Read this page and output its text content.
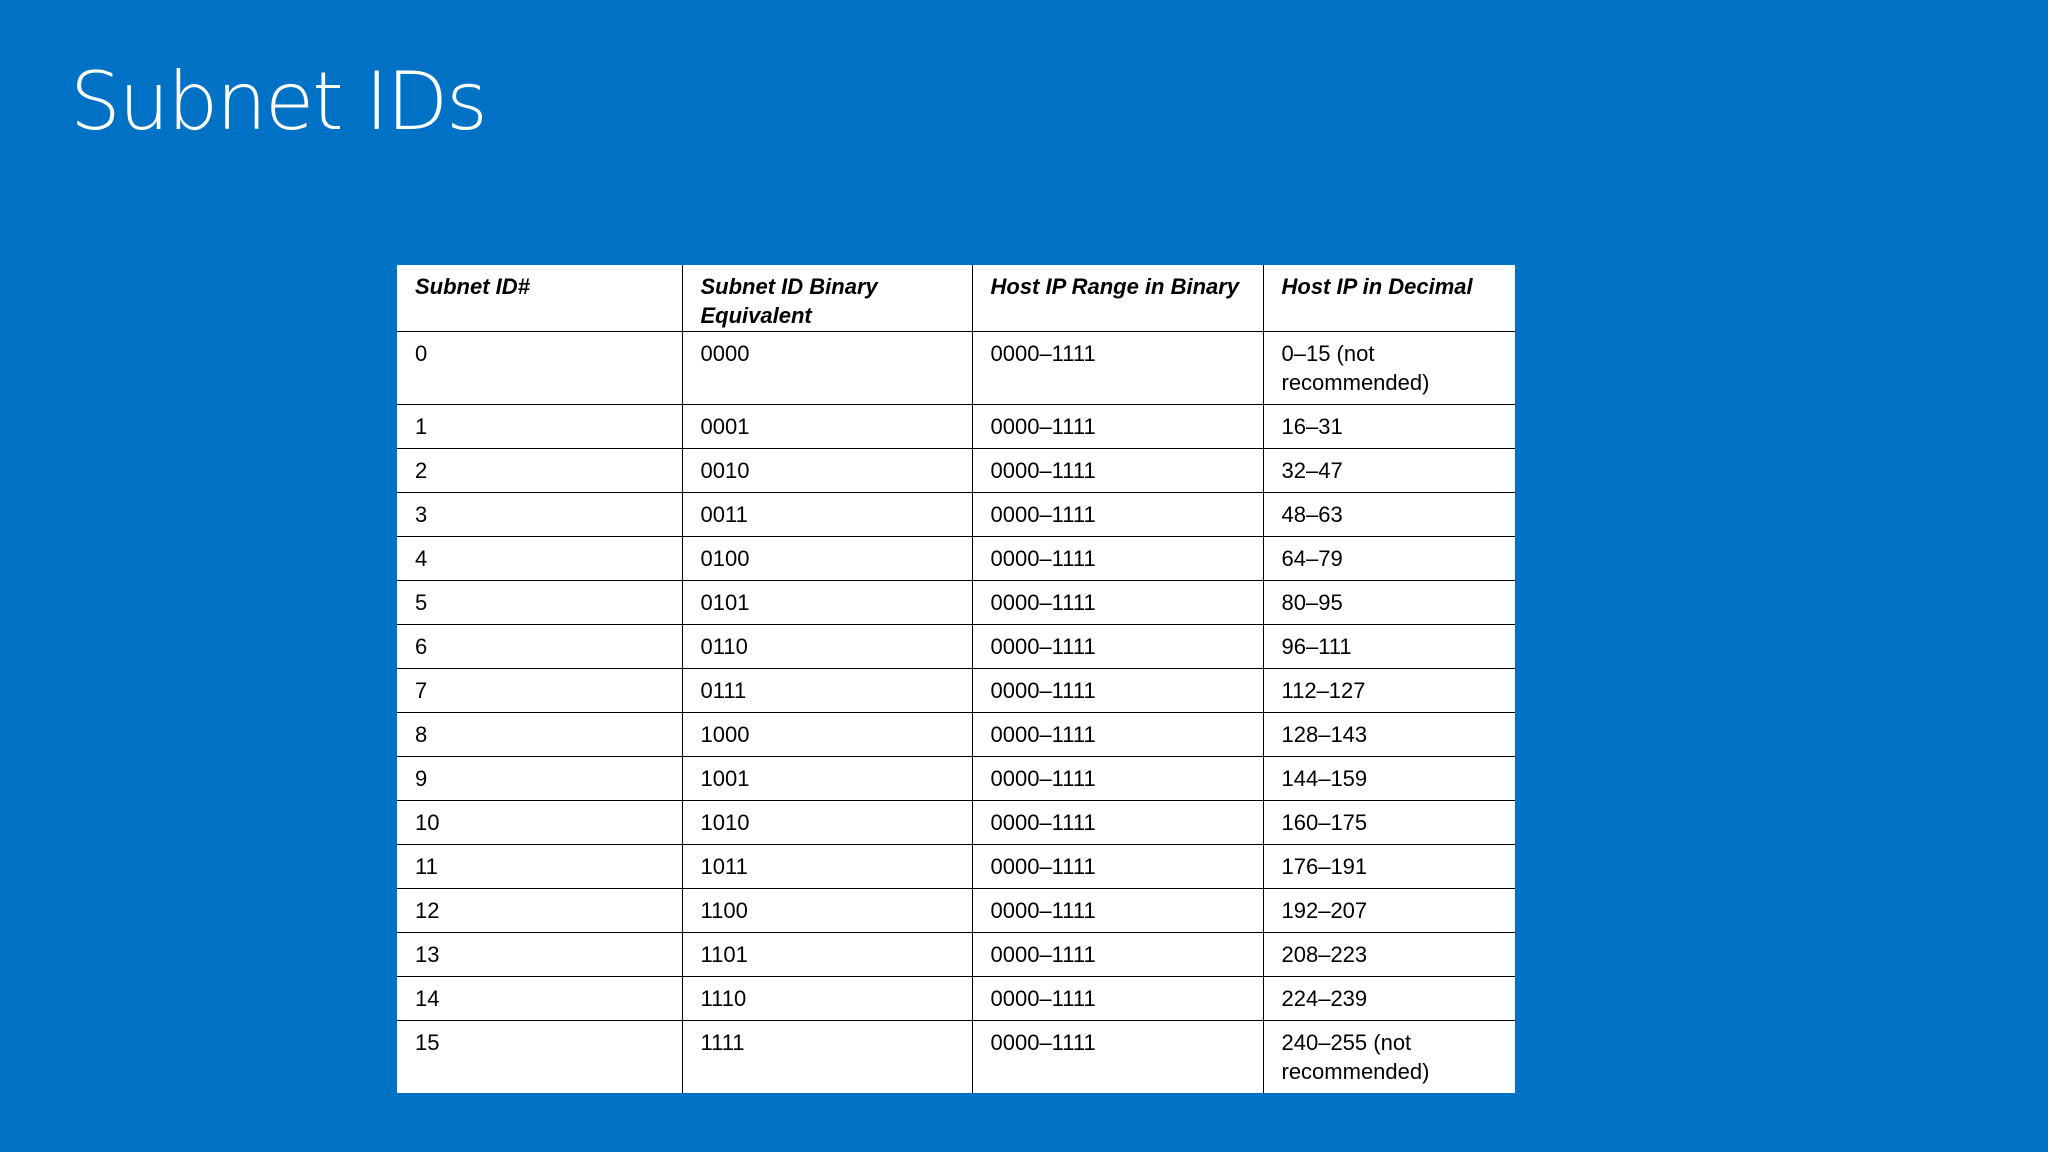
Subnet IDs
Subnet ID#	Subnet ID Binary Equivalent	Host IP Range in Binary	Host IP in Decimal
0	0000	0000–1111	0–15 (not recommended)
1	0001	0000–1111	16–31
2	0010	0000–1111	32–47
3	0011	0000–1111	48–63
4	0100	0000–1111	64–79
5	0101	0000–1111	80–95
6	0110	0000–1111	96–111
7	0111	0000–1111	112–127
8	1000	0000–1111	128–143
9	1001	0000–1111	144–159
10	1010	0000–1111	160–175
11	1011	0000–1111	176–191
12	1100	0000–1111	192–207
13	1101	0000–1111	208–223
14	1110	0000–1111	224–239
15	1111	0000–1111	240–255 (not recommended)
